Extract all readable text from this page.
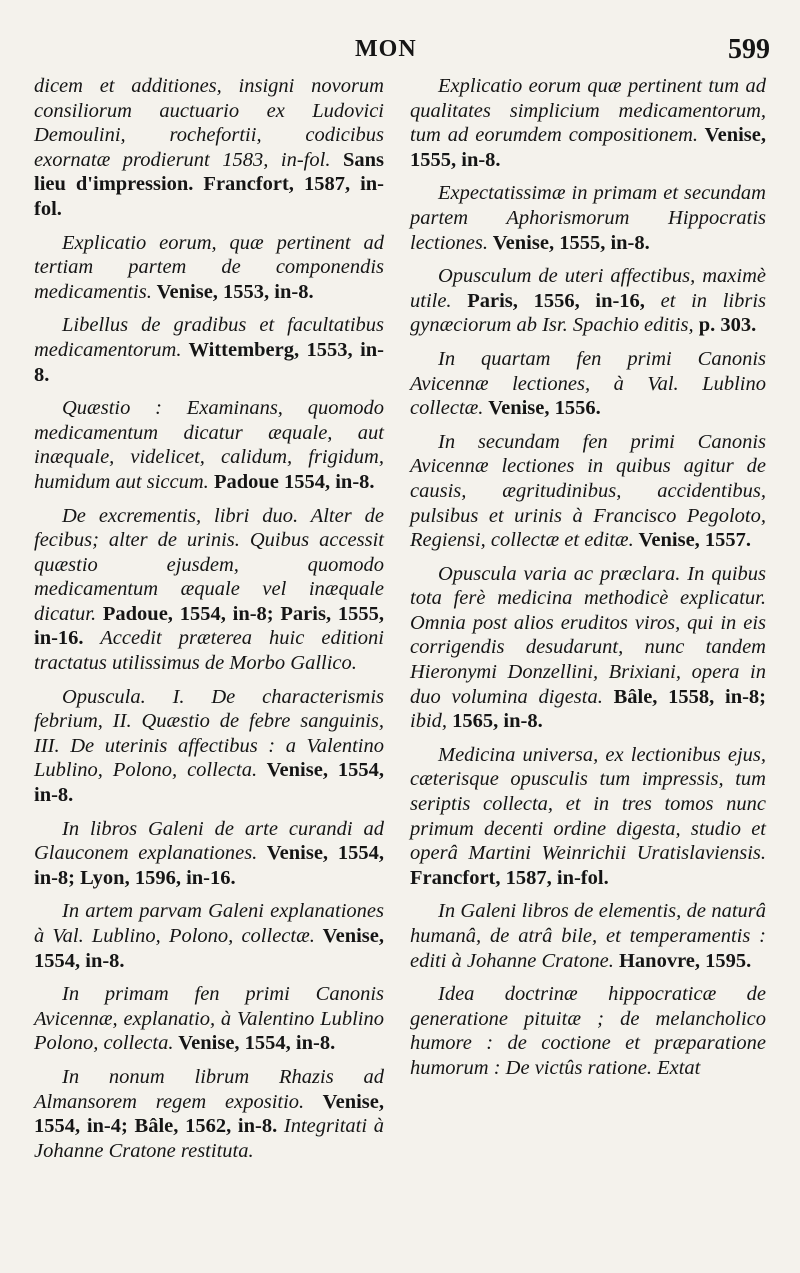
MON	599

dicem et additiones, insigni novorum consiliorum auctuario ex Ludovici Demoulini, rochefortii, codicibus exornatæ prodierunt 1583, in-fol. Sans lieu d'impression. Francfort, 1587, in-fol.

Explicatio eorum, quæ pertinent ad tertiam partem de componendis medicamentis. Venise, 1553, in-8.

Libellus de gradibus et facultatibus medicamentorum. Wittemberg, 1553, in-8.

Quæstio : Examinans, quomodo medicamentum dicatur æquale, aut inæquale, videlicet, calidum, frigidum, humidum aut siccum. Padoue 1554, in-8.

De excrementis, libri duo. Alter de fecibus; alter de urinis. Quibus accessit quæstio ejusdem, quomodo medicamentum æquale vel inæquale dicatur. Padoue, 1554, in-8; Paris, 1555, in-16. Accedit præterea huic editioni tractatus utilissimus de Morbo Gallico.

Opuscula. I. De characterismis febrium, II. Quæstio de febre sanguinis, III. De uterinis affectibus : a Valentino Lublino, Polono, collecta. Venise, 1554, in-8.

In libros Galeni de arte curandi ad Glauconem explanationes. Venise, 1554, in-8; Lyon, 1596, in-16.

In artem parvam Galeni explanationes à Val. Lublino, Polono, collectæ. Venise, 1554, in-8.

In primam fen primi Canonis Avicennæ, explanatio, à Valentino Lublino Polono, collecta. Venise, 1554, in-8.

In nonum librum Rhazis ad Almansorem regem expositio. Venise, 1554, in-4; Bâle, 1562, in-8. Integritati à Johanne Cratone restituta.

Explicatio eorum quæ pertinent tum ad qualitates simplicium medicamentorum, tum ad eorumdem compositionem. Venise, 1555, in-8.

Expectatissimæ in primam et secundam partem Aphorismorum Hippocratis lectiones. Venise, 1555, in-8.

Opusculum de uteri affectibus, maximè utile. Paris, 1556, in-16, et in libris gynæciorum ab Isr. Spachio editis, p. 303.

In quartam fen primi Canonis Avicennæ lectiones, à Val. Lublino collectæ. Venise, 1556.

In secundam fen primi Canonis Avicennæ lectiones in quibus agitur de causis, ægritudinibus, accidentibus, pulsibus et urinis à Francisco Pegoloto, Regiensi, collectæ et editæ. Venise, 1557.

Opuscula varia ac præclara. In quibus tota ferè medicina methodicè explicatur. Omnia post alios eruditos viros, qui in eis corrigendis desudarunt, nunc tandem Hieronymi Donzellini, Brixiani, opera in duo volumina digesta. Bâle, 1558, in-8; ibid, 1565, in-8.

Medicina universa, ex lectionibus ejus, cæterisque opusculis tum impressis, tum seriptis collecta, et in tres tomos nunc primum decenti ordine digesta, studio et operâ Martini Weinrichii Uratislaviensis. Francfort, 1587, in-fol.

In Galeni libros de elementis, de naturâ humanâ, de atrâ bile, et temperamentis : editi à Johanne Cratone. Hanovre, 1595.

Idea doctrinæ hippocraticæ de generatione pituitæ ; de melancholico humore : de coctione et præparatione humorum : De victûs ratione. Extat
